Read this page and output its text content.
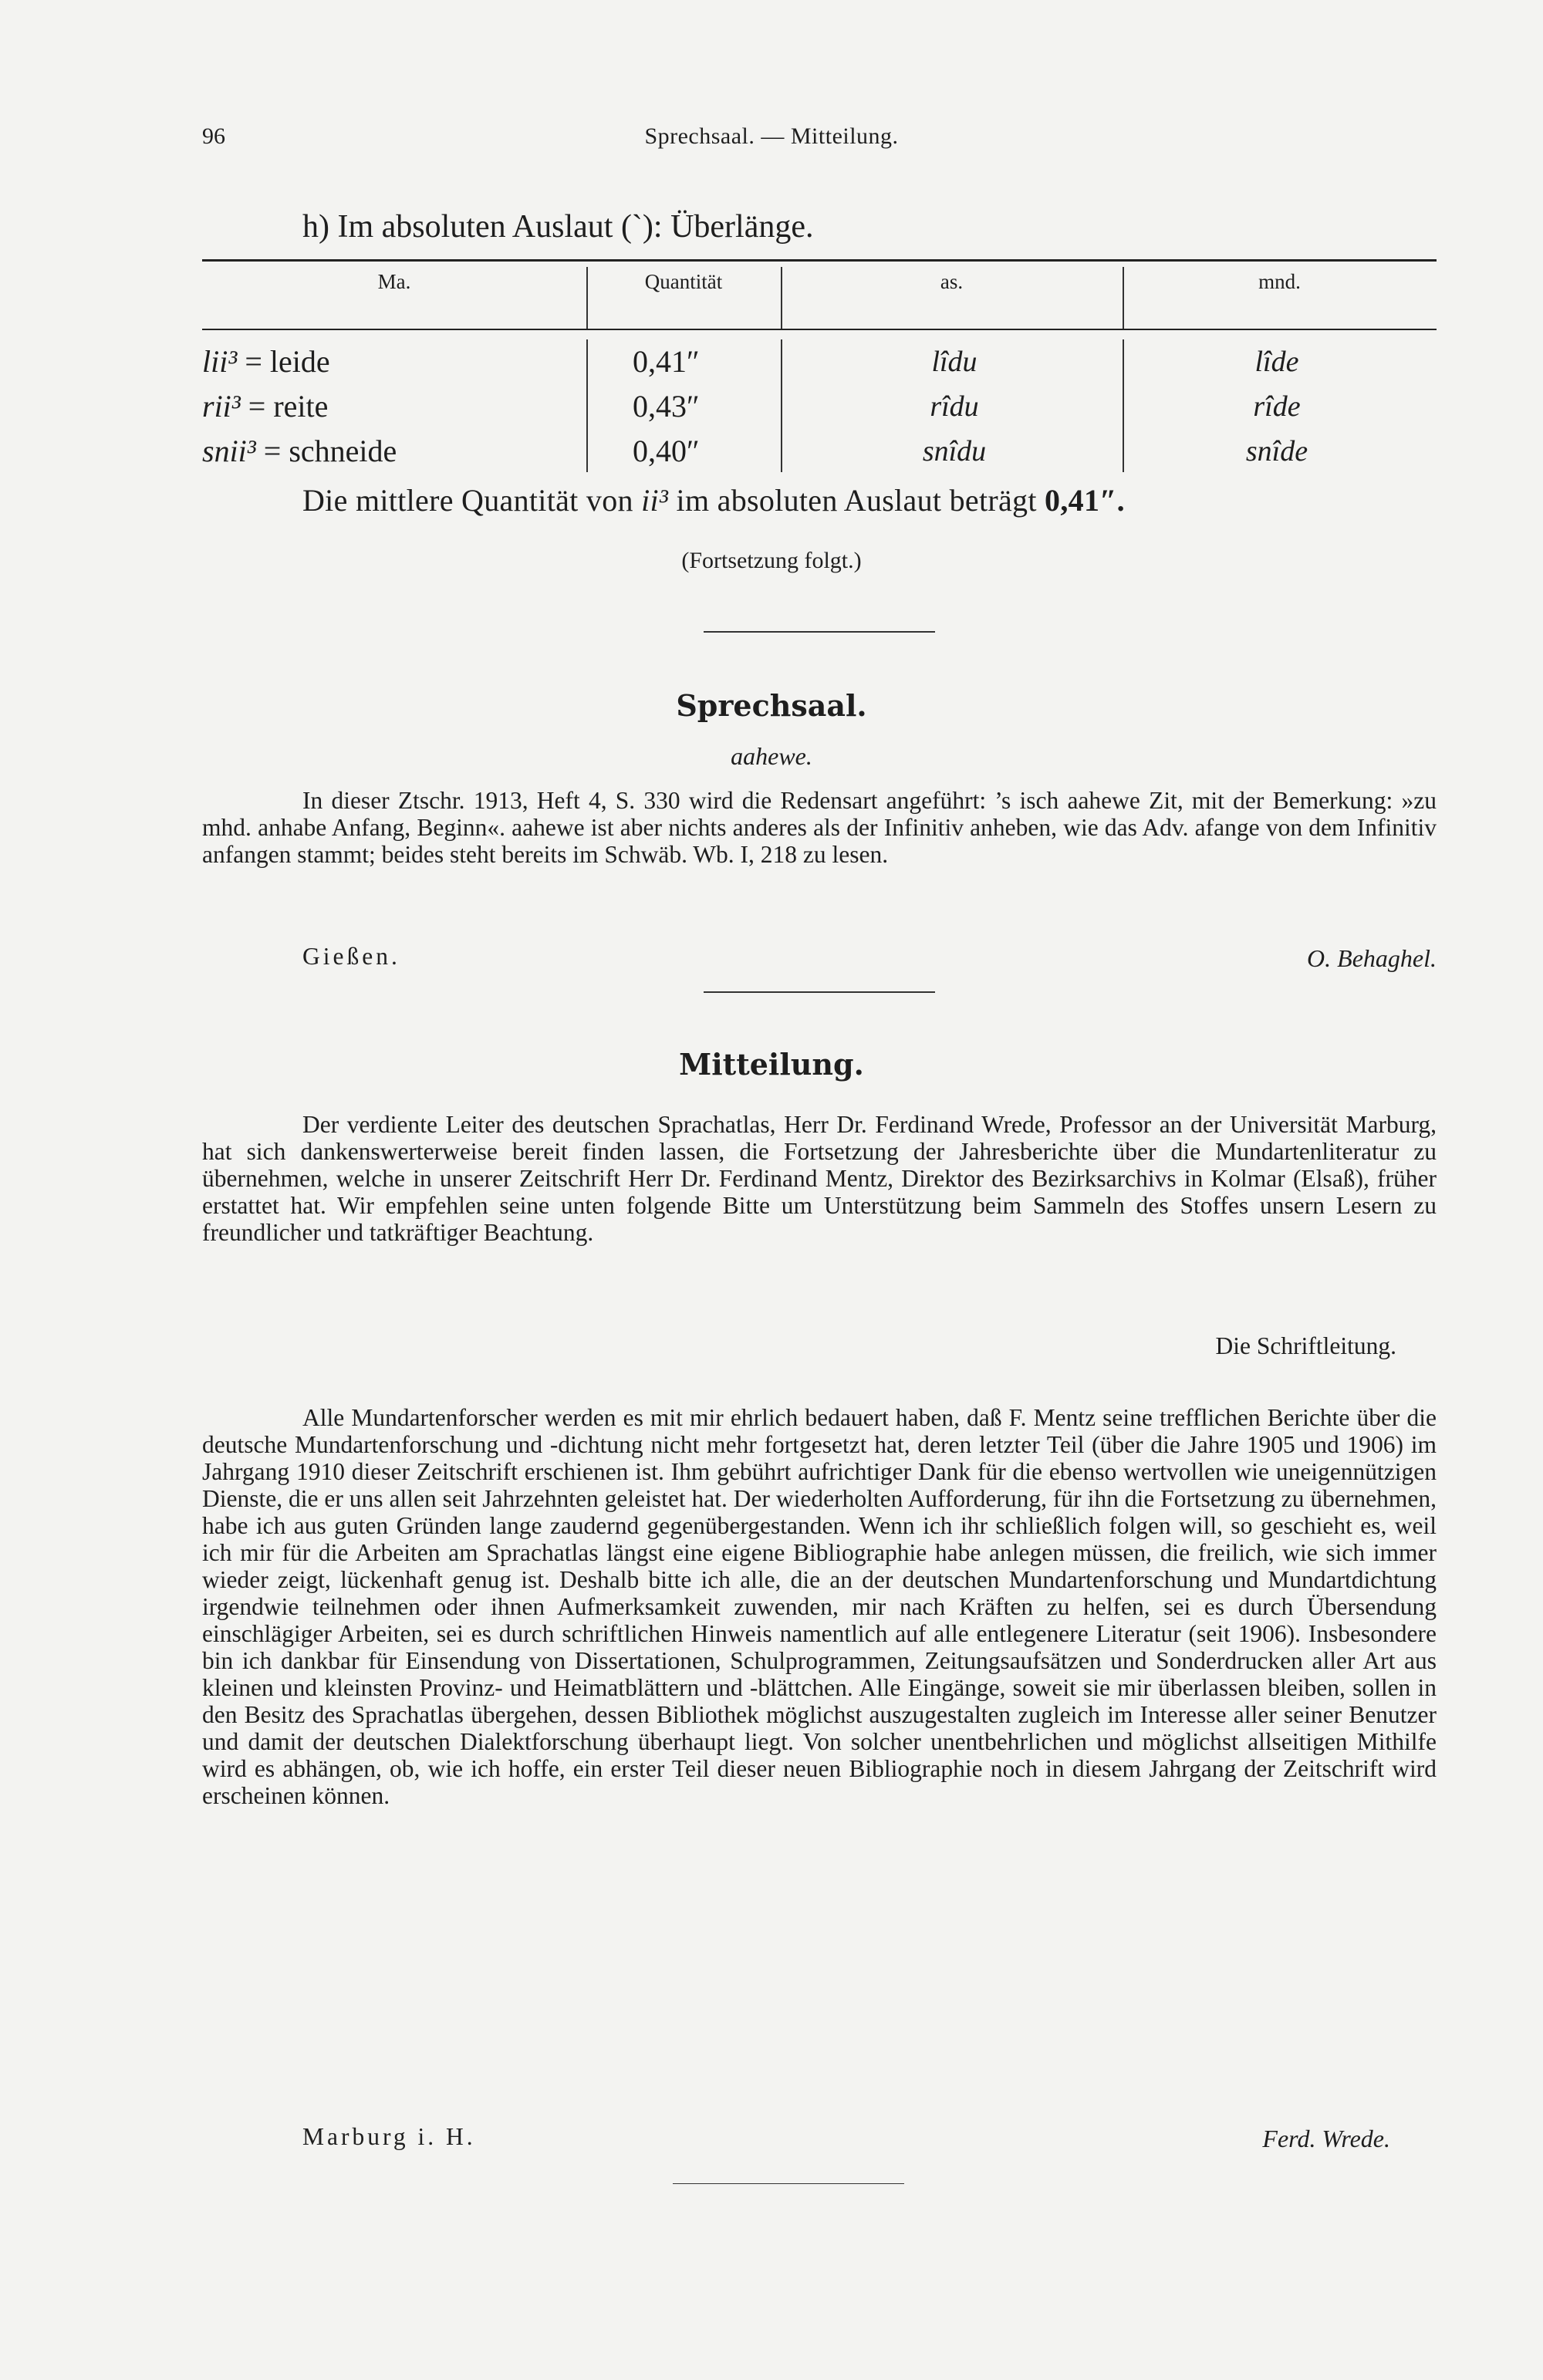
96	Sprechsaal. — Mitteilung.
h) Im absoluten Auslaut (`): Überlänge.
Ma.	Quantität	as.	mnd.
lii³ = leide	0,41″	lîdu	lîde
rii³ = reite	0,43″	rîdu	rîde
snii³ = schneide	0,40″	snîdu	snîde
Die mittlere Quantität von ii³ im absoluten Auslaut beträgt 0,41″.
(Fortsetzung folgt.)
Sprechsaal.
aahewe.

In dieser Ztschr. 1913, Heft 4, S. 330 wird die Redensart angeführt: ’s isch aahewe Zit, mit der Bemerkung: »zu mhd. anhabe Anfang, Beginn«. aahewe ist aber nichts anderes als der Infinitiv anheben, wie das Adv. afange von dem Infinitiv anfangen stammt; beides steht bereits im Schwäb. Wb. I, 218 zu lesen.

Gießen.	O. Behaghel.
Mitteilung.

Der verdiente Leiter des deutschen Sprachatlas, Herr Dr. Ferdinand Wrede, Professor an der Universität Marburg, hat sich dankenswerterweise bereit finden lassen, die Fortsetzung der Jahresberichte über die Mundartenliteratur zu übernehmen, welche in unserer Zeitschrift Herr Dr. Ferdinand Mentz, Direktor des Bezirksarchivs in Kolmar (Elsaß), früher erstattet hat. Wir empfehlen seine unten folgende Bitte um Unterstützung beim Sammeln des Stoffes unsern Lesern zu freundlicher und tatkräftiger Beachtung.

Die Schriftleitung.

Alle Mundartenforscher werden es mit mir ehrlich bedauert haben, daß F. Mentz seine trefflichen Berichte über die deutsche Mundartenforschung und -dichtung nicht mehr fortgesetzt hat, deren letzter Teil (über die Jahre 1905 und 1906) im Jahrgang 1910 dieser Zeitschrift erschienen ist. Ihm gebührt aufrichtiger Dank für die ebenso wertvollen wie uneigennützigen Dienste, die er uns allen seit Jahrzehnten geleistet hat. Der wiederholten Aufforderung, für ihn die Fortsetzung zu übernehmen, habe ich aus guten Gründen lange zaudernd gegenübergestanden. Wenn ich ihr schließlich folgen will, so geschieht es, weil ich mir für die Arbeiten am Sprachatlas längst eine eigene Bibliographie habe anlegen müssen, die freilich, wie sich immer wieder zeigt, lückenhaft genug ist. Deshalb bitte ich alle, die an der deutschen Mundartenforschung und Mundartdichtung irgendwie teilnehmen oder ihnen Aufmerksamkeit zuwenden, mir nach Kräften zu helfen, sei es durch Übersendung einschlägiger Arbeiten, sei es durch schriftlichen Hinweis namentlich auf alle entlegenere Literatur (seit 1906). Insbesondere bin ich dankbar für Einsendung von Dissertationen, Schulprogrammen, Zeitungsaufsätzen und Sonderdrucken aller Art aus kleinen und kleinsten Provinz- und Heimatblättern und -blättchen. Alle Eingänge, soweit sie mir überlassen bleiben, sollen in den Besitz des Sprachatlas übergehen, dessen Bibliothek möglichst auszugestalten zugleich im Interesse aller seiner Benutzer und damit der deutschen Dialektforschung überhaupt liegt. Von solcher unentbehrlichen und möglichst allseitigen Mithilfe wird es abhängen, ob, wie ich hoffe, ein erster Teil dieser neuen Bibliographie noch in diesem Jahrgang der Zeitschrift wird erscheinen können.

Marburg i. H.	Ferd. Wrede.
